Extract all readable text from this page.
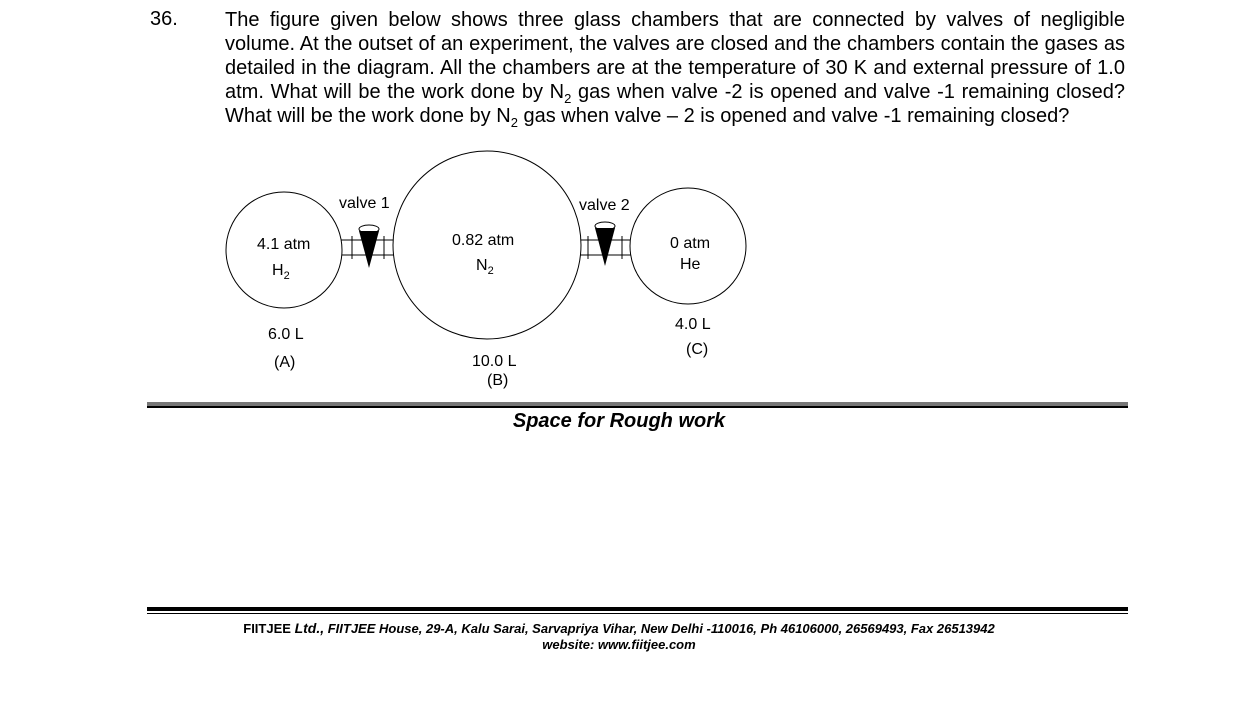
36. The figure given below shows three glass chambers that are connected by valves of negligible volume. At the outset of an experiment, the valves are closed and the chambers contain the gases as detailed in the diagram. All the chambers are at the temperature of 30 K and external pressure of 1.0 atm. What will be the work done by $N_2$ gas when valve -2 is opened and valve -1 remaining closed? What will be the work done by $N_2$ gas when valve – 2 is opened and valve -1 remaining closed?
valve 1	valve 2
4.1 atm
$H_2$
6.0 L
(A)
0.82 atm
$N_2$
10.0 L
(B)
0 atm
He
4.0 L
(C)
Space for Rough work
FIITJEE Ltd., FIITJEE House, 29-A, Kalu Sarai, Sarvapriya Vihar, New Delhi -110016, Ph 46106000, 26569493, Fax 26513942
website: www.fiitjee.com
